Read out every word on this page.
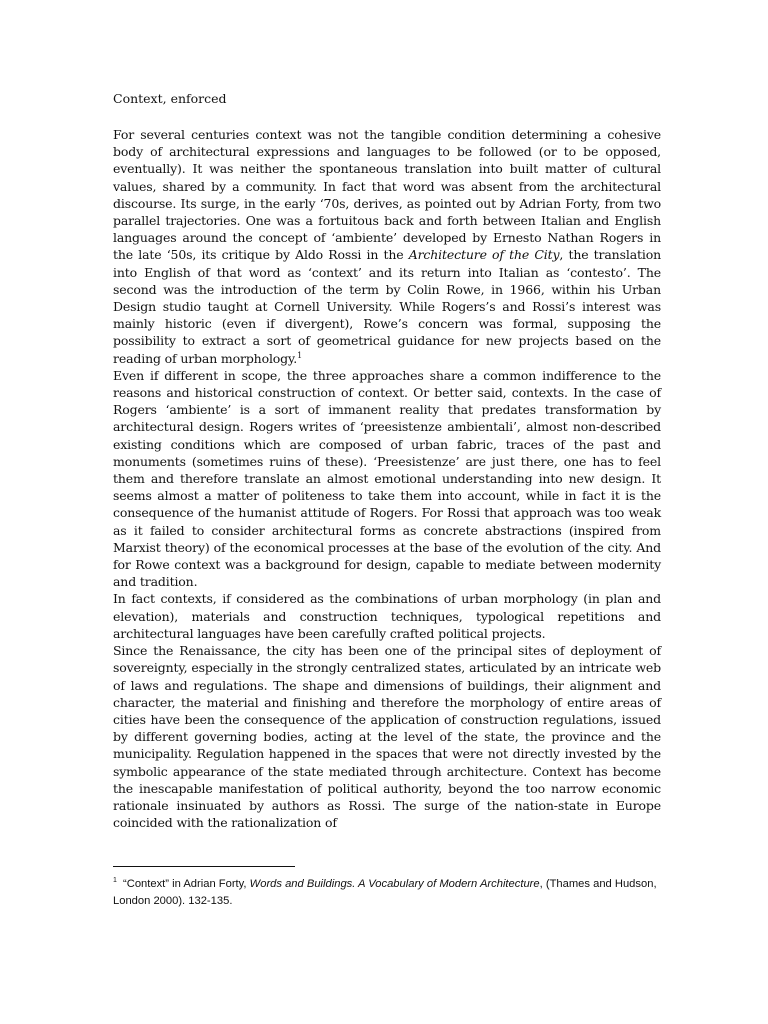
Context, enforced

For several centuries context was not the tangible condition determining a cohesive body of architectural expressions and languages to be followed (or to be opposed, eventually). It was neither the spontaneous translation into built matter of cultural values, shared by a community. In fact that word was absent from the architectural discourse. Its surge, in the early ‘70s, derives, as pointed out by Adrian Forty, from two parallel trajectories. One was a fortuitous back and forth between Italian and English languages around the concept of ‘ambiente’ developed by Ernesto Nathan Rogers in the late ‘50s, its critique by Aldo Rossi in the Architecture of the City, the translation into English of that word as ‘context’ and its return into Italian as ‘contesto’. The second was the introduction of the term by Colin Rowe, in 1966, within his Urban Design studio taught at Cornell University. While Rogers’s and Rossi’s interest was mainly historic (even if divergent), Rowe’s concern was formal, supposing the possibility to extract a sort of geometrical guidance for new projects based on the reading of urban morphology.$^1$

Even if different in scope, the three approaches share a common indifference to the reasons and historical construction of context. Or better said, contexts. In the case of Rogers ‘ambiente’ is a sort of immanent reality that predates transformation by architectural design. Rogers writes of ‘preesistenze ambientali’, almost non-described existing conditions which are composed of urban fabric, traces of the past and monuments (sometimes ruins of these). ‘Preesistenze’ are just there, one has to feel them and therefore translate an almost emotional understanding into new design. It seems almost a matter of politeness to take them into account, while in fact it is the consequence of the humanist attitude of Rogers. For Rossi that approach was too weak as it failed to consider architectural forms as concrete abstractions (inspired from Marxist theory) of the economical processes at the base of the evolution of the city. And for Rowe context was a background for design, capable to mediate between modernity and tradition.

In fact contexts, if considered as the combinations of urban morphology (in plan and elevation), materials and construction techniques, typological repetitions and architectural languages have been carefully crafted political projects.

Since the Renaissance, the city has been one of the principal sites of deployment of sovereignty, especially in the strongly centralized states, articulated by an intricate web of laws and regulations. The shape and dimensions of buildings, their alignment and character, the material and finishing and therefore the morphology of entire areas of cities have been the consequence of the application of construction regulations, issued by different governing bodies, acting at the level of the state, the province and the municipality. Regulation happened in the spaces that were not directly invested by the symbolic appearance of the state mediated through architecture. Context has become the inescapable manifestation of political authority, beyond the too narrow economic rationale insinuated by authors as Rossi. The surge of the nation-state in Europe coincided with the rationalization of

$^1$ “Context” in Adrian Forty, Words and Buildings. A Vocabulary of Modern Architecture, (Thames and Hudson, London 2000). 132-135.
